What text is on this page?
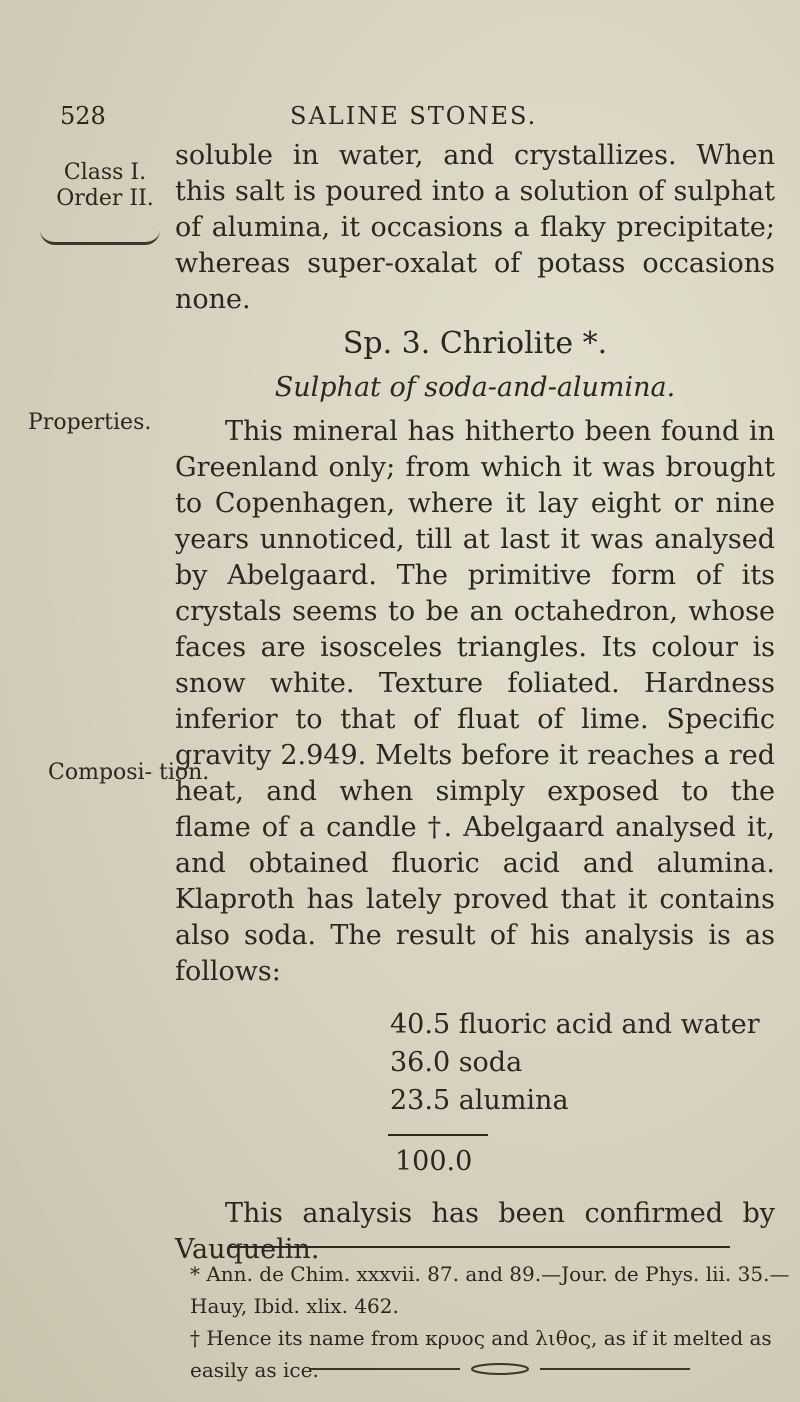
528	SALINE STONES.
Class I.
Order II.
soluble in water, and crystallizes. When this salt is poured into a solution of sulphat of alumina, it occasions a flaky precipitate; whereas super-oxalat of potass occasions none.
Sp. 3. Chriolite *.
Sulphat of soda-and-alumina.
Properties.	This mineral has hitherto been found in Greenland only; from which it was brought to Copenhagen, where it lay eight or nine years unnoticed, till at last it was analysed by Abelgaard. The primitive form of its crystals seems to be an octahedron, whose faces are isosceles triangles. Its colour is snow white. Texture foliated. Hardness inferior to that of fluat of lime. Specific gravity 2.949. Melts before it reaches a red heat, and when simply exposed to the flame of a candle †. Abelgaard analysed it, and obtained fluoric acid and alumina. Klaproth has lately proved that it contains also soda. The result of his analysis is as follows:
Composi- tion.
40.5 fluoric acid and water
36.0 soda
23.5 alumina
100.0
This analysis has been confirmed by Vauquelin.
* Ann. de Chim. xxxvii. 87. and 89.—Jour. de Phys. lii. 35.—Hauy, Ibid. xlix. 462.
† Hence its name from κρυος and λιθος, as if it melted as easily as ice.
